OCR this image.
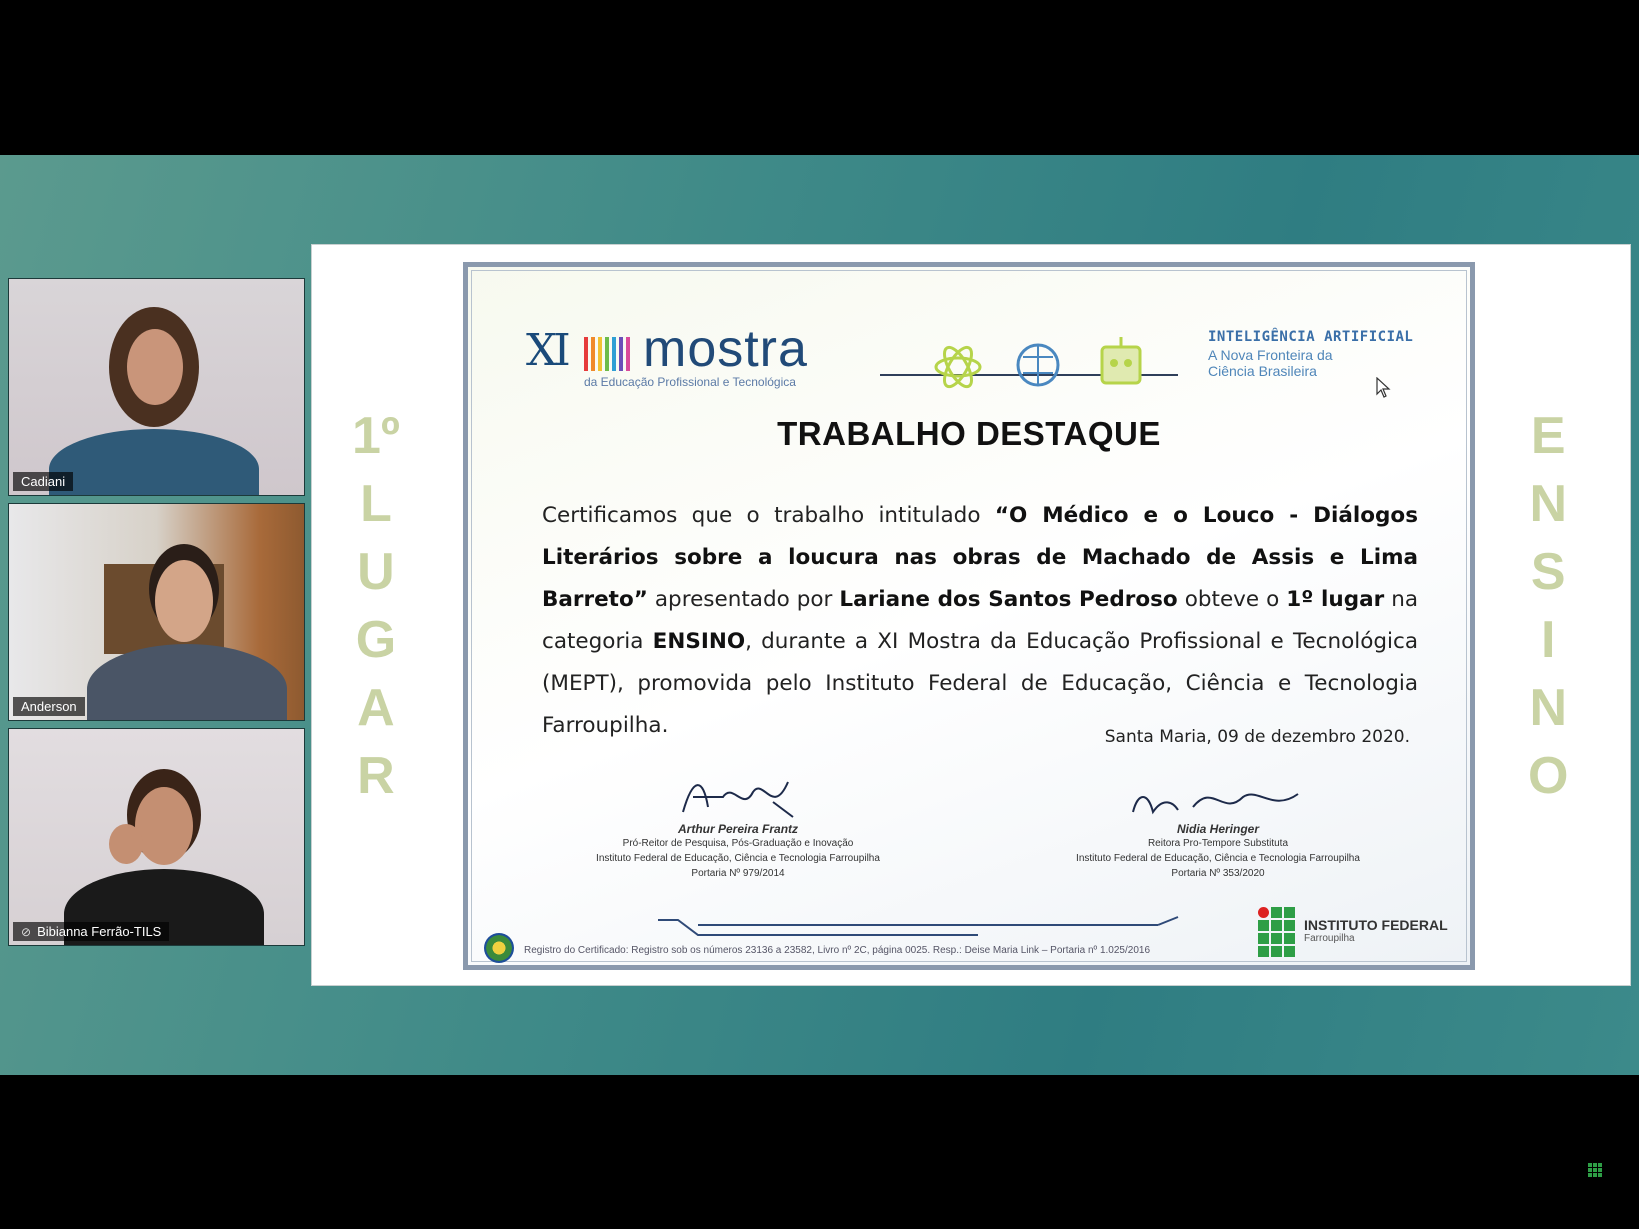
Cadiani
Anderson
⊘ Bibianna Ferrão-TILS
1º
L
U
G
A
R
E
N
S
I
N
O
XI mostra
da Educação Profissional e Tecnológica
INTELIGÊNCIA ARTIFICIAL
A Nova Fronteira da
Ciência Brasileira
TRABALHO DESTAQUE
Certificamos que o trabalho intitulado “O Médico e o Louco - Diálogos Literários sobre a loucura nas obras de Machado de Assis e Lima Barreto” apresentado por Lariane dos Santos Pedroso obteve o 1º lugar na categoria ENSINO, durante a XI Mostra da Educação Profissional e Tecnológica (MEPT), promovida pelo Instituto Federal de Educação, Ciência e Tecnologia Farroupilha.	Santa Maria, 09 de dezembro 2020.
Arthur Pereira Frantz
Pró-Reitor de Pesquisa, Pós-Graduação e Inovação
Instituto Federal de Educação, Ciência e Tecnologia Farroupilha
Portaria Nº 979/2014
Nidia Heringer
Reitora Pro-Tempore Substituta
Instituto Federal de Educação, Ciência e Tecnologia Farroupilha
Portaria Nº 353/2020
Registro do Certificado: Registro sob os números 23136 a 23582, Livro nº 2C, página 0025. Resp.: Deise Maria Link – Portaria nº 1.025/2016
INSTITUTO FEDERAL
Farroupilha
